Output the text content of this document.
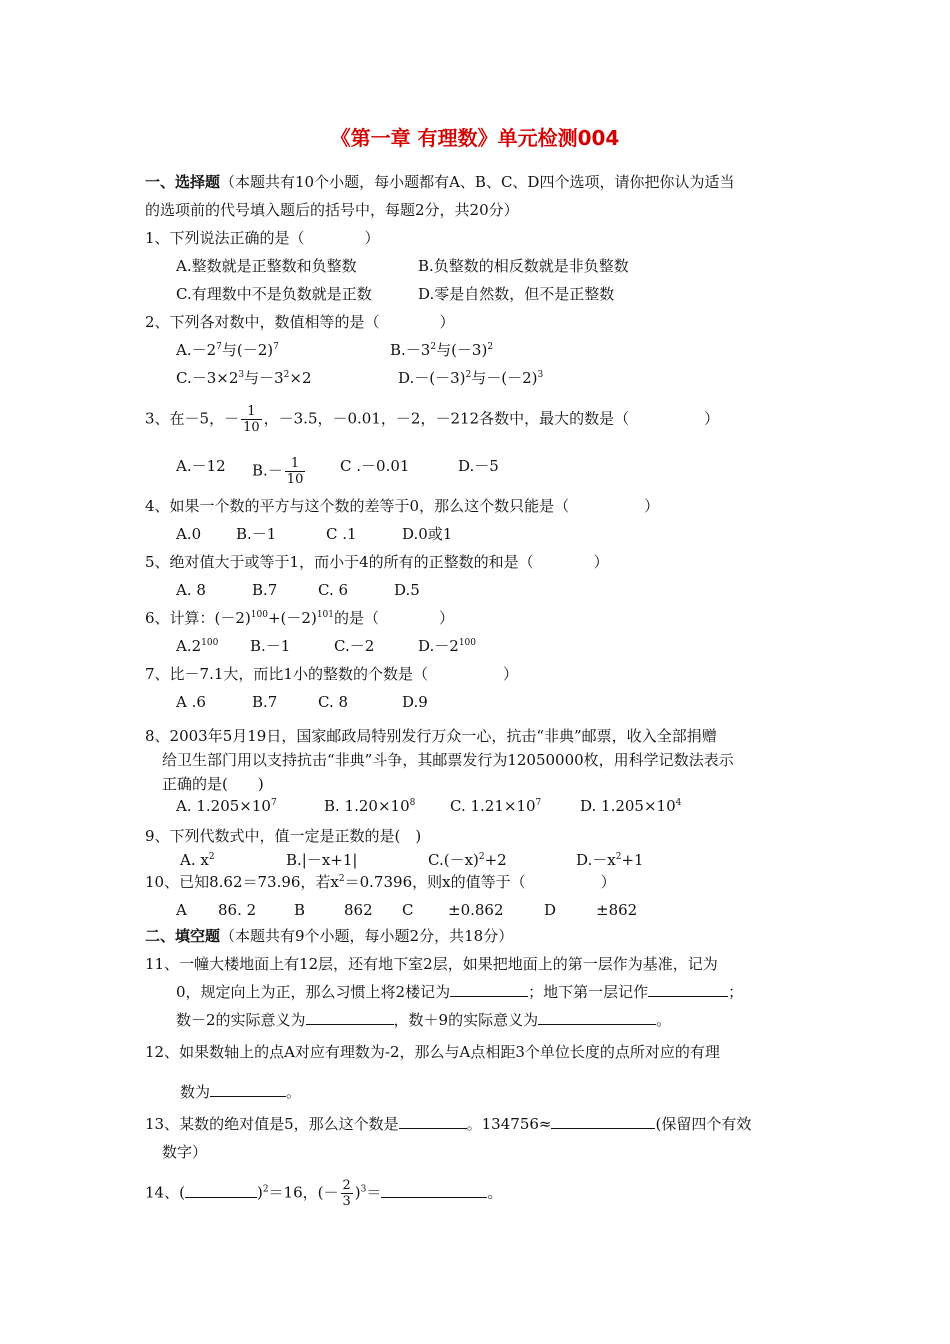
《第一章 有理数》单元检测004
一、选择题（本题共有10个小题，每小题都有A、B、C、D四个选项，请你把你认为适当
的选项前的代号填入题后的括号中，每题2分，共20分）
1、下列说法正确的是（　　　　）
A.整数就是正整数和负整数	B.负整数的相反数就是非负整数
C.有理数中不是负数就是正数	D.零是自然数，但不是正整数
2、下列各对数中，数值相等的是（　　　　）
$A.-2^7$与$(-2)^7$	$B.-3^2$与$(-3)^2$
$C.-3\times 2^3$与$-3^2\times 2$	$D.-(-3)^2$与$-(-2)^3$
3、在－5，－ $\frac{1}{10}$ ，－3.5，－0.01，－2，－212各数中，最大的数是（　　　　　）
A.－12 $B.- \frac{1}{10}$ C .－0.01	D.－5
4、如果一个数的平方与这个数的差等于0，那么这个数只能是（　　　　　）
A.0 B.－1	C .1	D.0或1
5、绝对值大于或等于1，而小于4的所有的正整数的和是（　　　　）
A. 8	B.7	C. 6	D.5
6、计算：$(-2)^{100}+(-2)^{101}$的是（　　　　）
$A.2^{100}$ B.－1	C.－2	$D.-2^{100}$
7、比－7.1大，而比1小的整数的个数是（　　　　　）
A .6	B.7	C. 8	D.9
8、2003年5月19日，国家邮政局特别发行万众一心，抗击“非典”邮票，收入全部捐赠
给卫生部门用以支持抗击“非典”斗争，其邮票发行为12050000枚，用科学记数法表示
正确的是(　　)
A. $1.205\times 10^7$	B. $1.20\times 10^8$ C. $1.21\times 10^7$	D. $1.205\times 10^4$
9、下列代数式中，值一定是正数的是(　)
A. $x^2$	B.|－x+1|	$C.(-x)^2+2$	$D.-x^2+1$
10、已知8.62＝73.96，若$x^2=0.7396$，则x的值等于（　　　　　）
A 86. 2	B	862 C ±0.862	D	±862
二、填空题（本题共有9个小题，每小题2分，共18分）
11、一幢大楼地面上有12层，还有地下室2层，如果把地面上的第一层作为基准，记为
0，规定向上为正，那么习惯上将2楼记为	；地下第一层记作	；
数－2的实际意义为	，数＋9的实际意义为	。
12、如果数轴上的点A对应有理数为-2，那么与A点相距3个单位长度的点所对应的有理
数为	。
13、某数的绝对值是5，那么这个数是	。134756≈	(保留四个有效
数字）
14、(	)$^2$＝16，(－ $\frac{2}{3} )^3=$	。
